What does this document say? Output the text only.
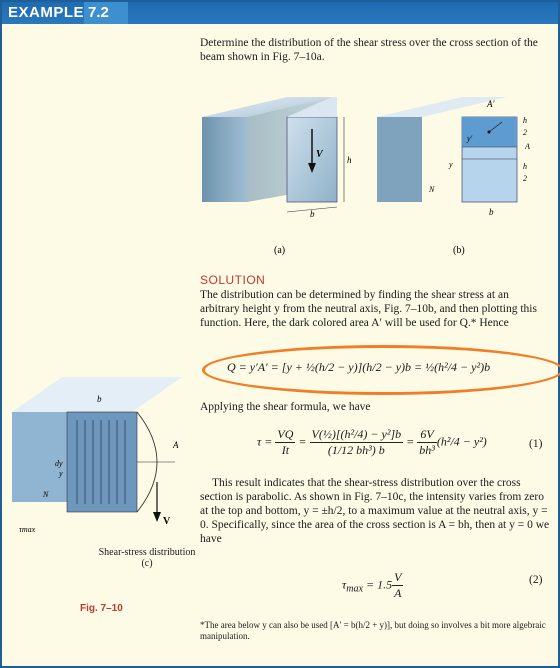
EXAMPLE 7.2
Determine the distribution of the shear stress over the cross section of the beam shown in Fig. 7–10a.
V	h
b
(a)
A′
h
2
A
h
2
y′
y
N
b
(b)
SOLUTION
The distribution can be determined by finding the shear stress at an arbitrary height y from the neutral axis, Fig. 7–10b, and then plotting this function. Here, the dark colored area A′ will be used for Q.* Hence
Q = y′A′ = [y + ½(h/2 − y)](h/2 − y)b = ½(h²/4 − y²)b
Applying the shear formula, we have
$\tau = \frac{VQ}{It} = \frac{\text{V(½)[(h²/4) − y²]b}}{\text{(1/12 bh³) b}} = \frac{6V}{\text{bh³}} (h^2/4 - y^2)$	(1)
This result indicates that the shear-stress distribution over the cross section is parabolic. As shown in Fig. 7–10c, the intensity varies from zero at the top and bottom, y = ±h/2, to a maximum value at the neutral axis, y = 0. Specifically, since the area of the cross section is A = bh, then at y = 0 we have
$\tau_{max} = 1.5 \frac{V}{A}$	(2)
*The area below y can also be used [A′ = b(h/2 + y)], but doing so involves a bit more algebraic manipulation.
V
b
A
dy
y
N
τmax
Shear-stress distribution
(c)
Fig. 7–10
